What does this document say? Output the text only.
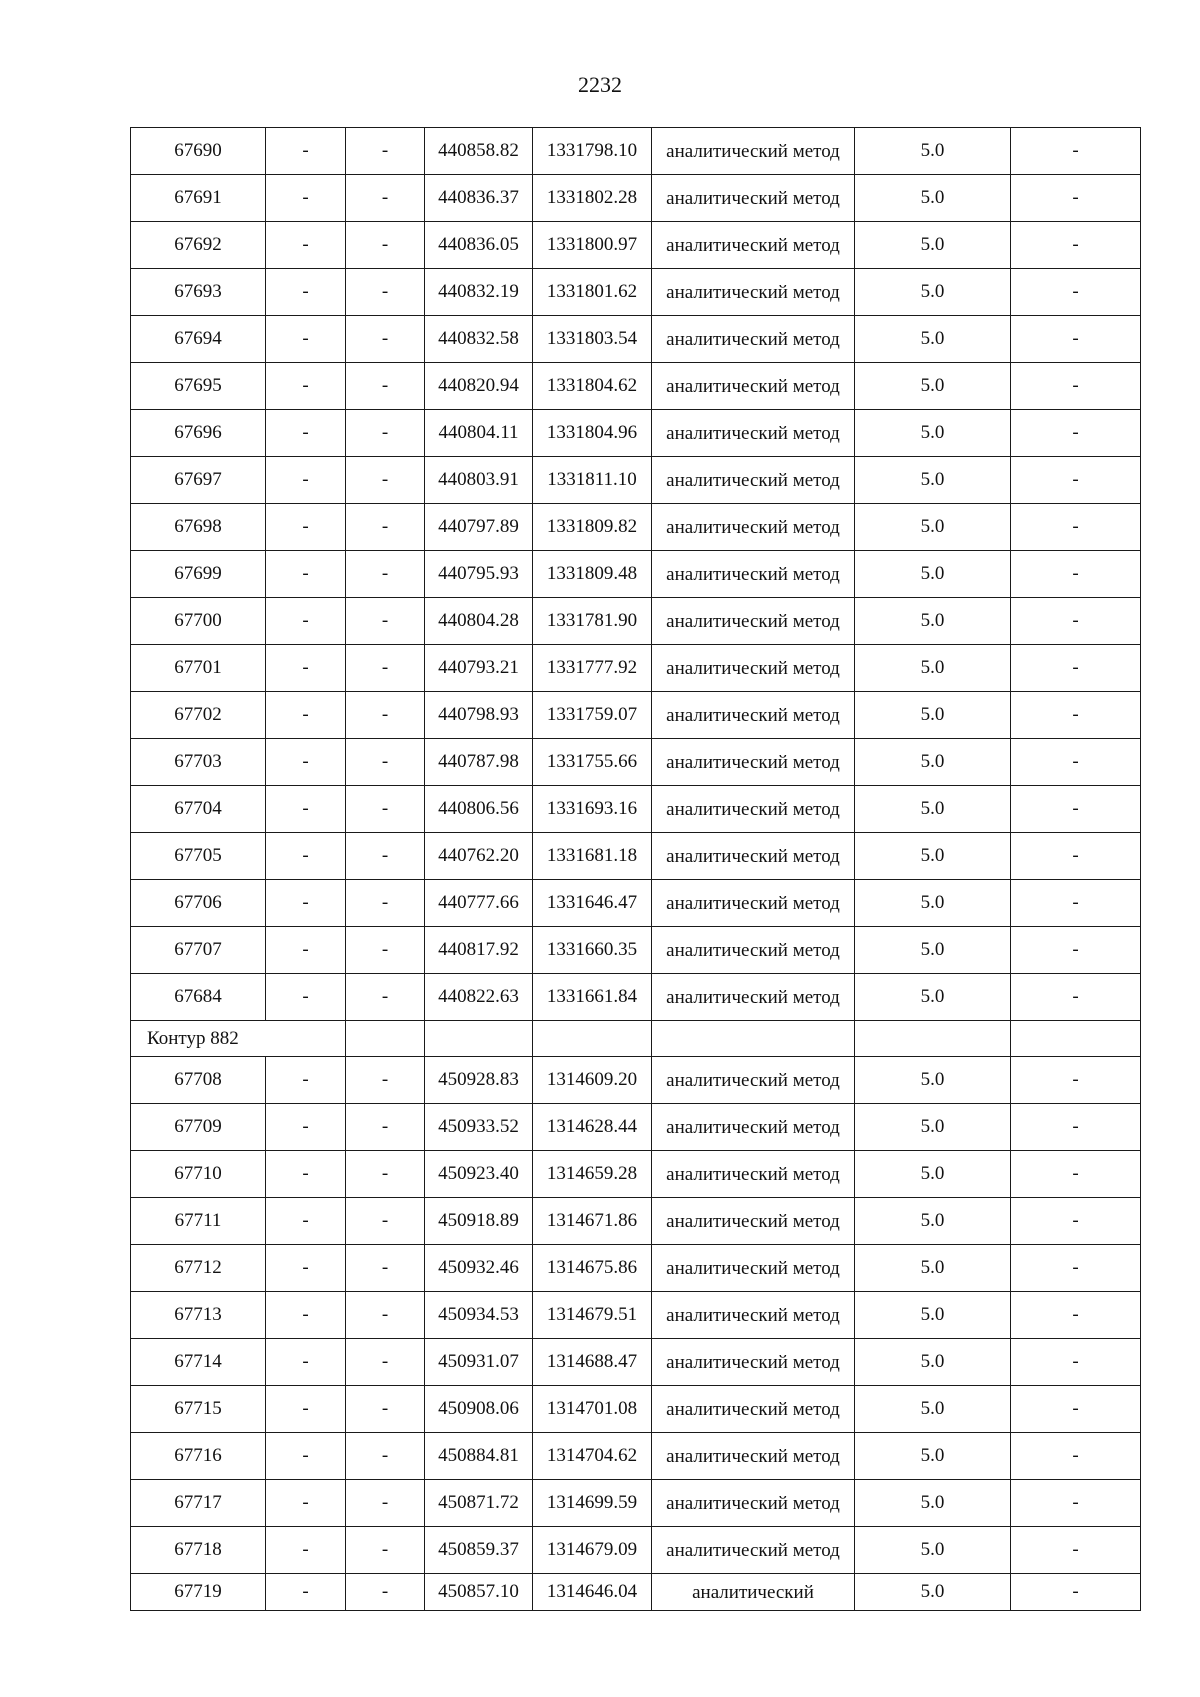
2232
67690	-	-	440858.82	1331798.10	аналитический метод	5.0	-
67691	-	-	440836.37	1331802.28	аналитический метод	5.0	-
67692	-	-	440836.05	1331800.97	аналитический метод	5.0	-
67693	-	-	440832.19	1331801.62	аналитический метод	5.0	-
67694	-	-	440832.58	1331803.54	аналитический метод	5.0	-
67695	-	-	440820.94	1331804.62	аналитический метод	5.0	-
67696	-	-	440804.11	1331804.96	аналитический метод	5.0	-
67697	-	-	440803.91	1331811.10	аналитический метод	5.0	-
67698	-	-	440797.89	1331809.82	аналитический метод	5.0	-
67699	-	-	440795.93	1331809.48	аналитический метод	5.0	-
67700	-	-	440804.28	1331781.90	аналитический метод	5.0	-
67701	-	-	440793.21	1331777.92	аналитический метод	5.0	-
67702	-	-	440798.93	1331759.07	аналитический метод	5.0	-
67703	-	-	440787.98	1331755.66	аналитический метод	5.0	-
67704	-	-	440806.56	1331693.16	аналитический метод	5.0	-
67705	-	-	440762.20	1331681.18	аналитический метод	5.0	-
67706	-	-	440777.66	1331646.47	аналитический метод	5.0	-
67707	-	-	440817.92	1331660.35	аналитический метод	5.0	-
67684	-	-	440822.63	1331661.84	аналитический метод	5.0	-
Контур 882							
67708	-	-	450928.83	1314609.20	аналитический метод	5.0	-
67709	-	-	450933.52	1314628.44	аналитический метод	5.0	-
67710	-	-	450923.40	1314659.28	аналитический метод	5.0	-
67711	-	-	450918.89	1314671.86	аналитический метод	5.0	-
67712	-	-	450932.46	1314675.86	аналитический метод	5.0	-
67713	-	-	450934.53	1314679.51	аналитический метод	5.0	-
67714	-	-	450931.07	1314688.47	аналитический метод	5.0	-
67715	-	-	450908.06	1314701.08	аналитический метод	5.0	-
67716	-	-	450884.81	1314704.62	аналитический метод	5.0	-
67717	-	-	450871.72	1314699.59	аналитический метод	5.0	-
67718	-	-	450859.37	1314679.09	аналитический метод	5.0	-
67719	-	-	450857.10	1314646.04	аналитический	5.0	-
